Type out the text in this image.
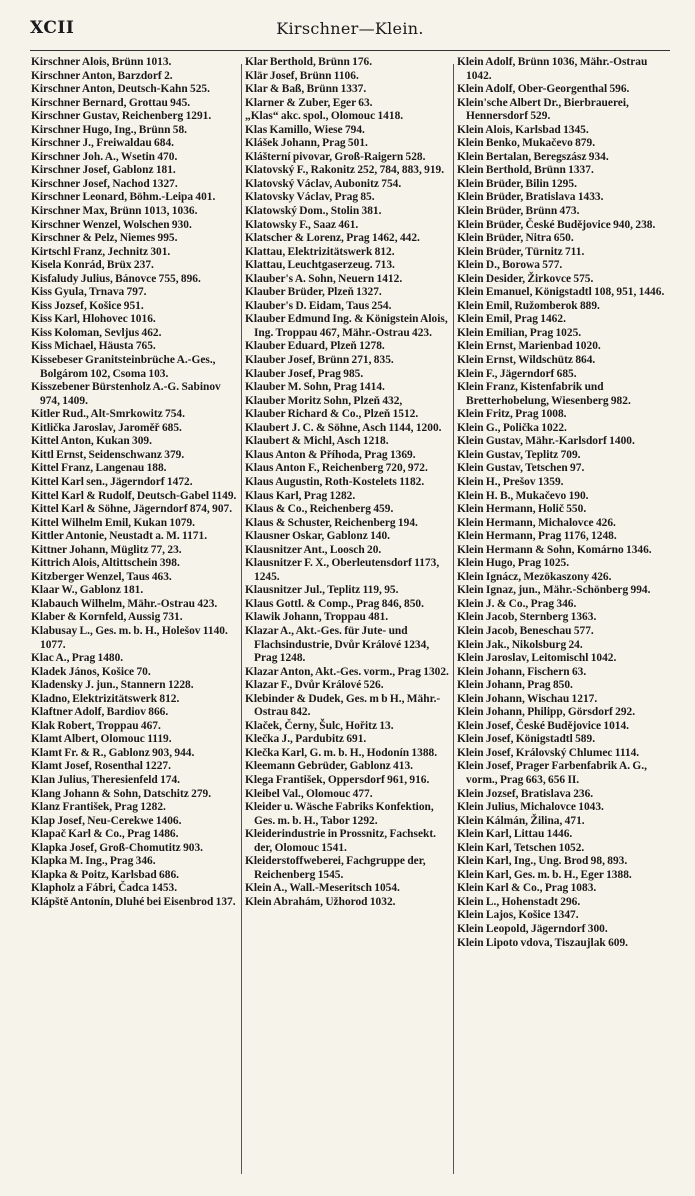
XCII	Kirschner—Klein.
Kirschner Alois, Brünn 1013.
Kirschner Anton, Barzdorf 2.
Kirschner Anton, Deutsch-Kahn 525.
Kirschner Bernard, Grottau 945.
Kirschner Gustav, Reichenberg 1291.
Kirschner Hugo, Ing., Brünn 58.
Kirschner J., Freiwaldau 684.
Kirschner Joh. A., Wsetin 470.
Kirschner Josef, Gablonz 181.
Kirschner Josef, Nachod 1327.
Kirschner Leonard, Böhm.-Leipa 401.
Kirschner Max, Brünn 1013, 1036.
Kirschner Wenzel, Wolschen 930.
Kirschner & Pelz, Niemes 995.
Kirtschl Franz, Jechnitz 301.
Kisela Konrád, Brüx 237.
Kisfaludy Julius, Bánovce 755, 896.
Kiss Gyula, Trnava 797.
Kiss Jozsef, Košice 951.
Kiss Karl, Hlohovec 1016.
Kiss Koloman, Sevljus 462.
Kiss Michael, Häusta 765.
Kissebeser Granitsteinbrüche A.-Ges., Bolgárom 102, Csoma 103.
Kisszebener Bürstenholz A.-G. Sabinov 974, 1409.
Kitler Rud., Alt-Smrkowitz 754.
Kitlička Jaroslav, Jaroměř 685.
Kittel Anton, Kukan 309.
Kittl Ernst, Seidenschwanz 379.
Kittel Franz, Langenau 188.
Kittel Karl sen., Jägerndorf 1472.
Kittel Karl & Rudolf, Deutsch-Gabel 1149.
Kittel Karl & Söhne, Jägerndorf 874, 907.
Kittel Wilhelm Emil, Kukan 1079.
Kittler Antonie, Neustadt a. M. 1171.
Kittner Johann, Müglitz 77, 23.
Kittrich Alois, Altittschein 398.
Kitzberger Wenzel, Taus 463.
Klaar W., Gablonz 181.
Klabauch Wilhelm, Mähr.-Ostrau 423.
Klaber & Kornfeld, Aussig 731.
Klabusay L., Ges. m. b. H., Holešov 1140. 1077.
Klac A., Prag 1480.
Kladek János, Košice 70.
Kladensky J. jun., Stannern 1228.
Kladno, Elektrizitätswerk 812.
Klaftner Adolf, Bardiov 866.
Klak Robert, Troppau 467.
Klamt Albert, Olomouc 1119.
Klamt Fr. & R., Gablonz 903, 944.
Klamt Josef, Rosenthal 1227.
Klan Julius, Theresienfeld 174.
Klang Johann & Sohn, Datschitz 279.
Klanz František, Prag 1282.
Klap Josef, Neu-Cerekwe 1406.
Klapač Karl & Co., Prag 1486.
Klapka Josef, Groß-Chomutitz 903.
Klapka M. Ing., Prag 346.
Klapka & Poitz, Karlsbad 686.
Klapholz a Fábri, Čadca 1453.
Klápště Antonín, Dluhé bei Eisenbrod 137.
Klar Berthold, Brünn 176.
Klär Josef, Brünn 1106.
Klar & Baß, Brünn 1337.
Klarner & Zuber, Eger 63.
„Klas“ akc. spol., Olomouc 1418.
Klas Kamillo, Wiese 794.
Klášek Johann, Prag 501.
Klášterní pivovar, Groß-Raigern 528.
Klatovský F., Rakonitz 252, 784, 883, 919.
Klatovský Václav, Aubonitz 754.
Klatovsky Václav, Prag 85.
Klatowský Dom., Stolin 381.
Klatowsky F., Saaz 461.
Klatscher & Lorenz, Prag 1462, 442.
Klattau, Elektrizitätswerk 812.
Klattau, Leuchtgaserzeug. 713.
Klauber's A. Sohn, Neuern 1412.
Klauber Brüder, Plzeň 1327.
Klauber's D. Eidam, Taus 254.
Klauber Edmund Ing. & Königstein Alois, Ing. Troppau 467, Mähr.-Ostrau 423.
Klauber Eduard, Plzeň 1278.
Klauber Josef, Brünn 271, 835.
Klauber Josef, Prag 985.
Klauber M. Sohn, Prag 1414.
Klauber Moritz Sohn, Plzeň 432,
Klauber Richard & Co., Plzeň 1512.
Klaubert J. C. & Söhne, Asch 1144, 1200.
Klaubert & Michl, Asch 1218.
Klaus Anton & Příhoda, Prag 1369.
Klaus Anton F., Reichenberg 720, 972.
Klaus Augustin, Roth-Kostelets 1182.
Klaus Karl, Prag 1282.
Klaus & Co., Reichenberg 459.
Klaus & Schuster, Reichenberg 194.
Klausner Oskar, Gablonz 140.
Klausnitzer Ant., Loosch 20.
Klausnitzer F. X., Oberleutensdorf 1173, 1245.
Klausnitzer Jul., Teplitz 119, 95.
Klaus Gottl. & Comp., Prag 846, 850.
Klawik Johann, Troppau 481.
Klazar A., Akt.-Ges. für Jute- und Flachsindustrie, Dvůr Králové 1234, Prag 1248.
Klazar Anton, Akt.-Ges. vorm., Prag 1302.
Klazar F., Dvůr Králové 526.
Klebinder & Dudek, Ges. m b H., Mähr.-Ostrau 842.
Klaček, Černy, Šulc, Hořitz 13.
Klečka J., Pardubitz 691.
Klečka Karl, G. m. b. H., Hodonín 1388.
Kleemann Gebrüder, Gablonz 413.
Klega František, Oppersdorf 961, 916.
Kleibel Val., Olomouc 477.
Kleider u. Wäsche Fabriks Konfektion, Ges. m. b. H., Tabor 1292.
Kleiderindustrie in Prossnitz, Fachsekt. der, Olomouc 1541.
Kleiderstoffweberei, Fachgruppe der, Reichenberg 1545.
Klein A., Wall.-Meseritsch 1054.
Klein Abrahám, Užhorod 1032.
Klein Adolf, Brünn 1036, Mähr.-Ostrau 1042.
Klein Adolf, Ober-Georgenthal 596.
Klein'sche Albert Dr., Bierbrauerei, Hennersdorf 529.
Klein Alois, Karlsbad 1345.
Klein Benko, Mukačevo 879.
Klein Bertalan, Beregszász 934.
Klein Berthold, Brünn 1337.
Klein Brüder, Bilin 1295.
Klein Brüder, Bratislava 1433.
Klein Brüder, Brünn 473.
Klein Brüder, České Budějovice 940, 238.
Klein Brüder, Nitra 650.
Klein Brüder, Türnitz 711.
Klein D., Borowa 577.
Klein Desider, Žirkovce 575.
Klein Emanuel, Königstadtl 108, 951, 1446.
Klein Emil, Ružomberok 889.
Klein Emil, Prag 1462.
Klein Emilian, Prag 1025.
Klein Ernst, Marienbad 1020.
Klein Ernst, Wildschütz 864.
Klein F., Jägerndorf 685.
Klein Franz, Kistenfabrik und Bretterhobelung, Wiesenberg 982.
Klein Fritz, Prag 1008.
Klein G., Polička 1022.
Klein Gustav, Mähr.-Karlsdorf 1400.
Klein Gustav, Teplitz 709.
Klein Gustav, Tetschen 97.
Klein H., Prešov 1359.
Klein H. B., Mukačevo 190.
Klein Hermann, Holič 550.
Klein Hermann, Michalovce 426.
Klein Hermann, Prag 1176, 1248.
Klein Hermann & Sohn, Komárno 1346.
Klein Hugo, Prag 1025.
Klein Ignácz, Mezökaszony 426.
Klein Ignaz, jun., Mähr.-Schönberg 994.
Klein J. & Co., Prag 346.
Klein Jacob, Sternberg 1363.
Klein Jacob, Beneschau 577.
Klein Jak., Nikolsburg 24.
Klein Jaroslav, Leitomischl 1042.
Klein Johann, Fischern 63.
Klein Johann, Prag 850.
Klein Johann, Wischau 1217.
Klein Johann, Philipp, Görsdorf 292.
Klein Josef, České Budějovice 1014.
Klein Josef, Königstadtl 589.
Klein Josef, Královský Chlumec 1114.
Klein Josef, Prager Farbenfabrik A. G., vorm., Prag 663, 656 II.
Klein Jozsef, Bratislava 236.
Klein Julius, Michalovce 1043.
Klein Kálmán, Žilina, 471.
Klein Karl, Littau 1446.
Klein Karl, Tetschen 1052.
Klein Karl, Ing., Ung. Brod 98, 893.
Klein Karl, Ges. m. b. H., Eger 1388.
Klein Karl & Co., Prag 1083.
Klein L., Hohenstadt 296.
Klein Lajos, Košice 1347.
Klein Leopold, Jägerndorf 300.
Klein Lipoto vdova, Tiszaujlak 609.
